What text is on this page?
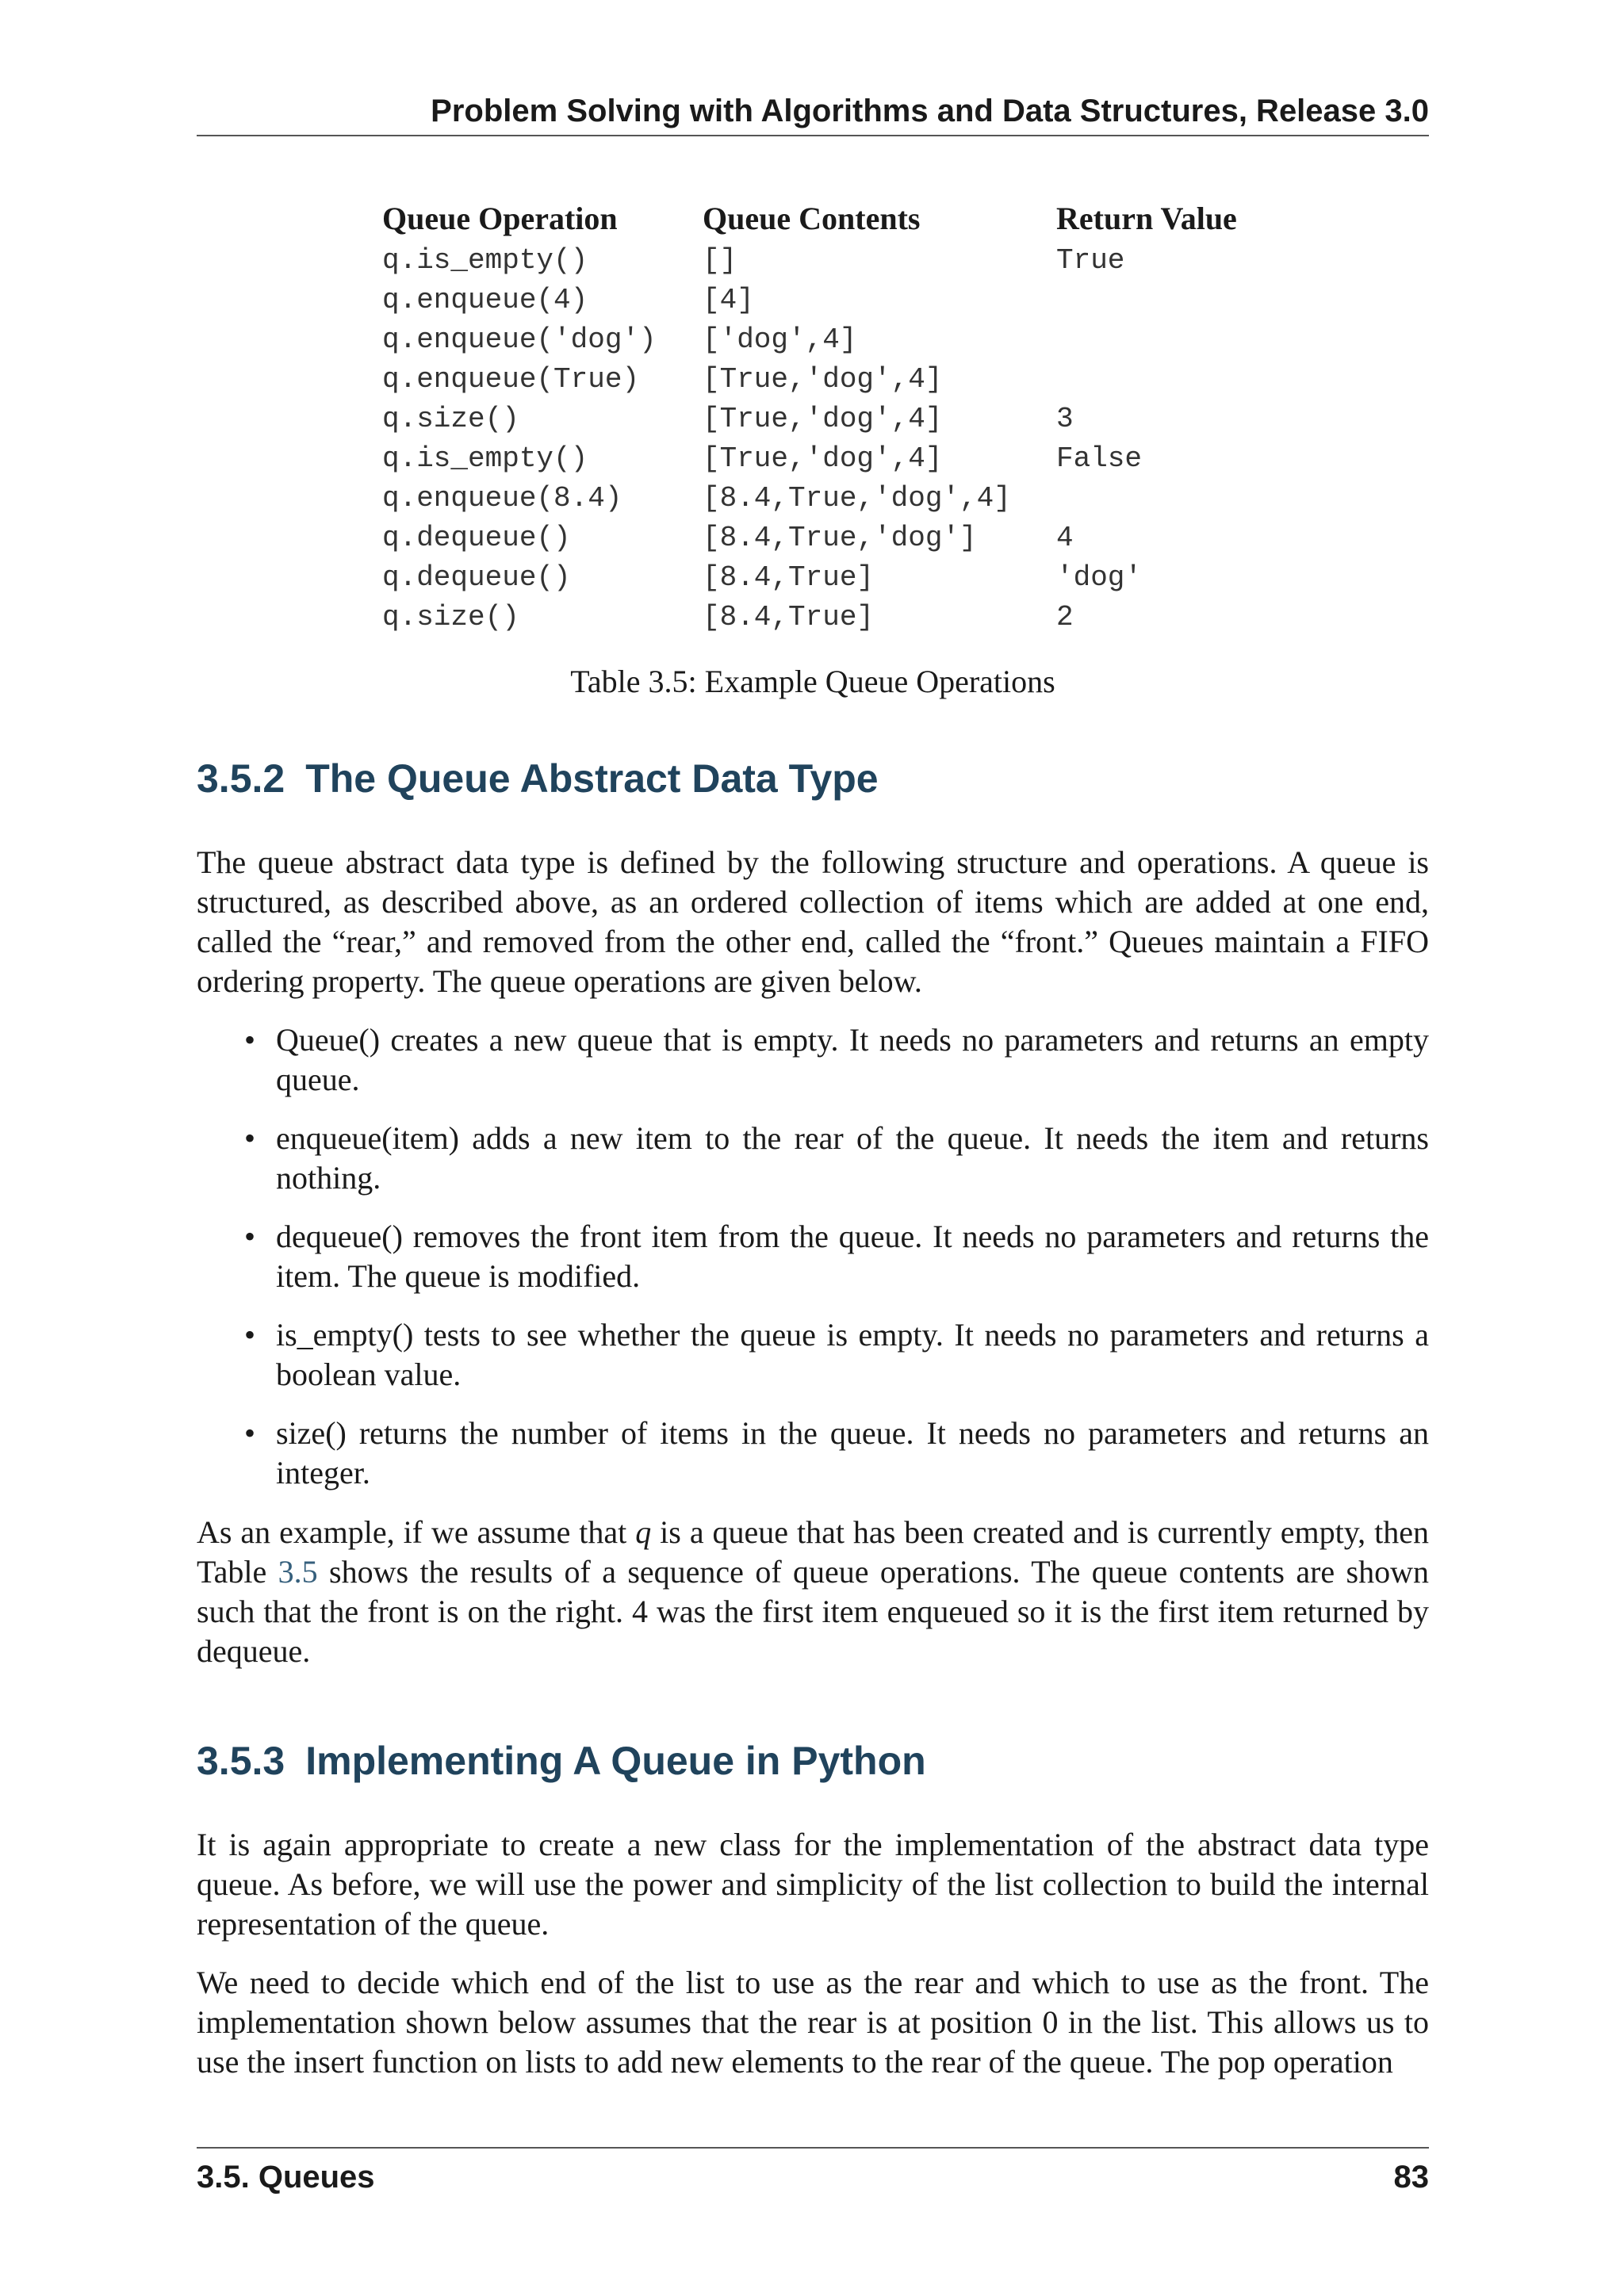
Problem Solving with Algorithms and Data Structures, Release 3.0
Queue Operation	Queue Contents	Return Value
q.is_empty()	[]	True
q.enqueue(4)	[4]	
q.enqueue('dog')	['dog',4]	
q.enqueue(True)	[True,'dog',4]	
q.size()	[True,'dog',4]	3
q.is_empty()	[True,'dog',4]	False
q.enqueue(8.4)	[8.4,True,'dog',4]	
q.dequeue()	[8.4,True,'dog']	4
q.dequeue()	[8.4,True]	'dog'
q.size()	[8.4,True]	2
Table 3.5: Example Queue Operations
3.5.2 The Queue Abstract Data Type

The queue abstract data type is defined by the following structure and operations. A queue is structured, as described above, as an ordered collection of items which are added at one end, called the “rear,” and removed from the other end, called the “front.” Queues maintain a FIFO ordering property. The queue operations are given below.

• Queue() creates a new queue that is empty. It needs no parameters and returns an empty queue.
• enqueue(item) adds a new item to the rear of the queue. It needs the item and returns nothing.
• dequeue() removes the front item from the queue. It needs no parameters and returns the item. The queue is modified.
• is_empty() tests to see whether the queue is empty. It needs no parameters and returns a boolean value.
• size() returns the number of items in the queue. It needs no parameters and returns an integer.

As an example, if we assume that q is a queue that has been created and is currently empty, then Table 3.5 shows the results of a sequence of queue operations. The queue contents are shown such that the front is on the right. 4 was the first item enqueued so it is the first item returned by dequeue.

3.5.3 Implementing A Queue in Python

It is again appropriate to create a new class for the implementation of the abstract data type queue. As before, we will use the power and simplicity of the list collection to build the internal representation of the queue.

We need to decide which end of the list to use as the rear and which to use as the front. The implementation shown below assumes that the rear is at position 0 in the list. This allows us to use the insert function on lists to add new elements to the rear of the queue. The pop operation

3.5. Queues	83
